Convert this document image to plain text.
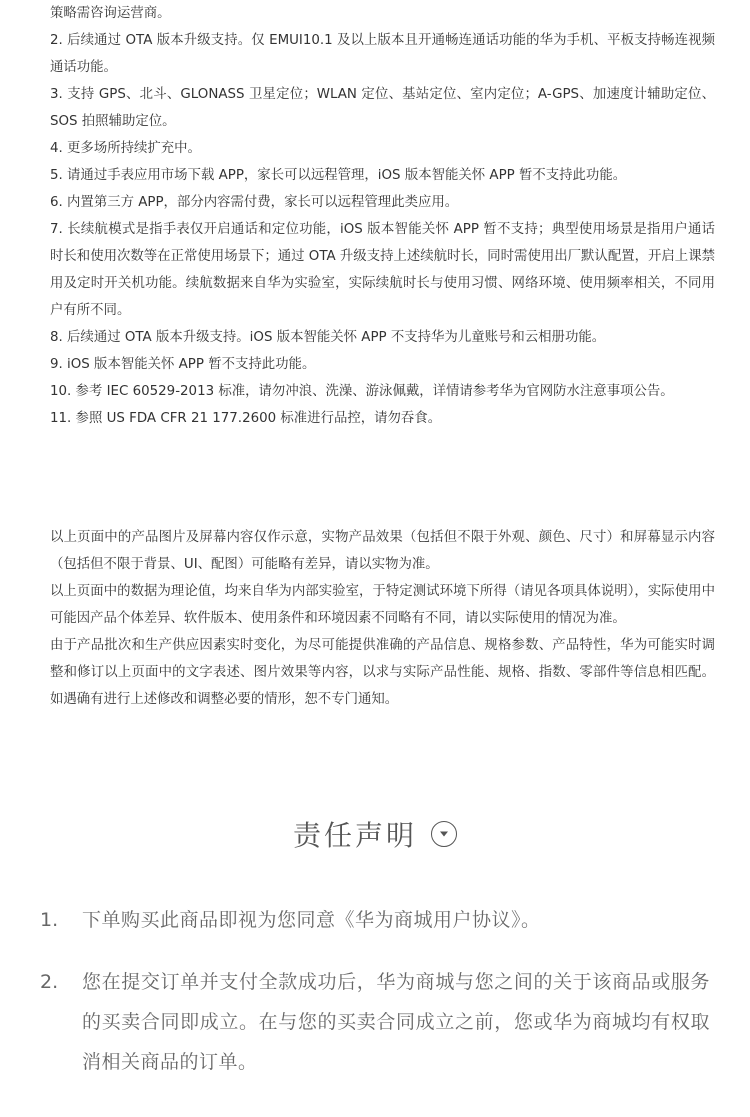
策略需咨询运营商。

2. 后续通过 OTA 版本升级支持。仅 EMUI10.1 及以上版本且开通畅连通话功能的华为手机、平板支持畅连视频通话功能。

3. 支持 GPS、北斗、GLONASS 卫星定位；WLAN 定位、基站定位、室内定位；A-GPS、加速度计辅助定位、SOS 拍照辅助定位。

4. 更多场所持续扩充中。

5. 请通过手表应用市场下载 APP，家长可以远程管理，iOS 版本智能关怀 APP 暂不支持此功能。

6. 内置第三方 APP，部分内容需付费，家长可以远程管理此类应用。

7. 长续航模式是指手表仅开启通话和定位功能，iOS 版本智能关怀 APP 暂不支持；典型使用场景是指用户通话时长和使用次数等在正常使用场景下；通过 OTA 升级支持上述续航时长，同时需使用出厂默认配置，开启上课禁用及定时开关机功能。续航数据来自华为实验室，实际续航时长与使用习惯、网络环境、使用频率相关，不同用户有所不同。

8. 后续通过 OTA 版本升级支持。iOS 版本智能关怀 APP 不支持华为儿童账号和云相册功能。

9. iOS 版本智能关怀 APP 暂不支持此功能。

10. 参考 IEC 60529-2013 标准，请勿冲浪、洗澡、游泳佩戴，详情请参考华为官网防水注意事项公告。

11. 参照 US FDA CFR 21 177.2600 标准进行品控，请勿吞食。

以上页面中的产品图片及屏幕内容仅作示意，实物产品效果（包括但不限于外观、颜色、尺寸）和屏幕显示内容（包括但不限于背景、UI、配图）可能略有差异，请以实物为准。

以上页面中的数据为理论值，均来自华为内部实验室，于特定测试环境下所得（请见各项具体说明），实际使用中可能因产品个体差异、软件版本、使用条件和环境因素不同略有不同，请以实际使用的情况为准。

由于产品批次和生产供应因素实时变化，为尽可能提供准确的产品信息、规格参数、产品特性，华为可能实时调整和修订以上页面中的文字表述、图片效果等内容，以求与实际产品性能、规格、指数、零部件等信息相匹配。如遇确有进行上述修改和调整必要的情形，恕不专门通知。

责任声明
1.	下单购买此商品即视为您同意《华为商城用户协议》。
2.	您在提交订单并支付全款成功后，华为商城与您之间的关于该商品或服务的买卖合同即成立。在与您的买卖合同成立之前，您或华为商城均有权取消相关商品的订单。
